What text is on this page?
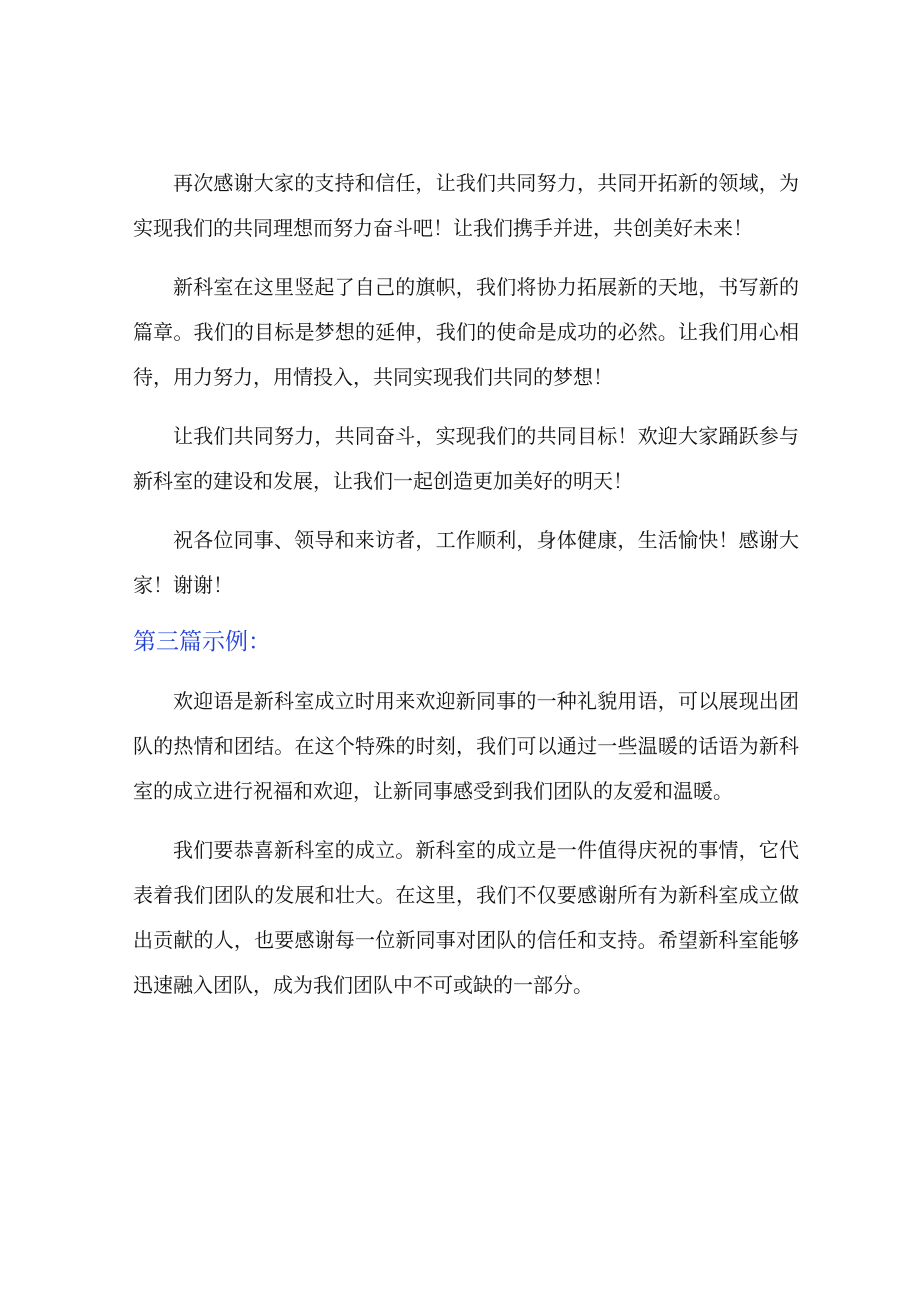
再次感谢大家的支持和信任，让我们共同努力，共同开拓新的领域，为实现我们的共同理想而努力奋斗吧！让我们携手并进，共创美好未来！

新科室在这里竖起了自己的旗帜，我们将协力拓展新的天地，书写新的篇章。我们的目标是梦想的延伸，我们的使命是成功的必然。让我们用心相待，用力努力，用情投入，共同实现我们共同的梦想！

让我们共同努力，共同奋斗，实现我们的共同目标！欢迎大家踊跃参与新科室的建设和发展，让我们一起创造更加美好的明天！

祝各位同事、领导和来访者，工作顺利，身体健康，生活愉快！感谢大家！谢谢！

第三篇示例：

欢迎语是新科室成立时用来欢迎新同事的一种礼貌用语，可以展现出团队的热情和团结。在这个特殊的时刻，我们可以通过一些温暖的话语为新科室的成立进行祝福和欢迎，让新同事感受到我们团队的友爱和温暖。

我们要恭喜新科室的成立。新科室的成立是一件值得庆祝的事情，它代表着我们团队的发展和壮大。在这里，我们不仅要感谢所有为新科室成立做出贡献的人，也要感谢每一位新同事对团队的信任和支持。希望新科室能够迅速融入团队，成为我们团队中不可或缺的一部分。
